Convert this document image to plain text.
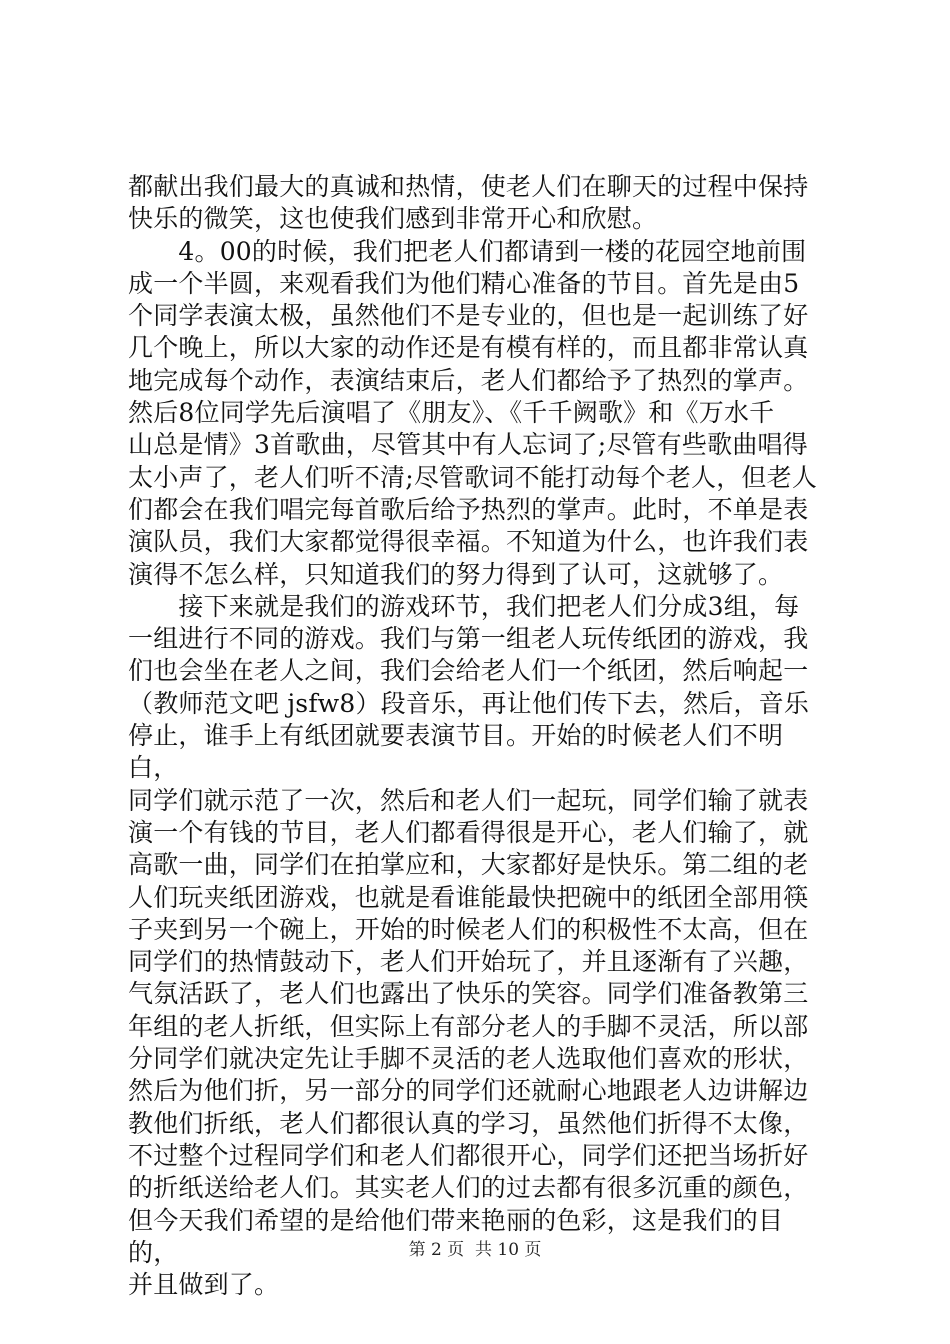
都献出我们最大的真诚和热情，使老人们在聊天的过程中保持
快乐的微笑，这也使我们感到非常开心和欣慰。

　　4。00的时候，我们把老人们都请到一楼的花园空地前围
成一个半圆，来观看我们为他们精心准备的节目。首先是由5
个同学表演太极，虽然他们不是专业的，但也是一起训练了好
几个晚上，所以大家的动作还是有模有样的，而且都非常认真
地完成每个动作，表演结束后，老人们都给予了热烈的掌声。
然后8位同学先后演唱了《朋友》、《千千阙歌》和《万水千
山总是情》3首歌曲，尽管其中有人忘词了;尽管有些歌曲唱得
太小声了，老人们听不清;尽管歌词不能打动每个老人，但老人
们都会在我们唱完每首歌后给予热烈的掌声。此时，不单是表
演队员，我们大家都觉得很幸福。不知道为什么，也许我们表
演得不怎么样，只知道我们的努力得到了认可，这就够了。

　　接下来就是我们的游戏环节，我们把老人们分成3组，每
一组进行不同的游戏。我们与第一组老人玩传纸团的游戏，我
们也会坐在老人之间，我们会给老人们一个纸团，然后响起一
（教师范文吧 jsfw8）段音乐，再让他们传下去，然后，音乐
停止，谁手上有纸团就要表演节目。开始的时候老人们不明白，
同学们就示范了一次，然后和老人们一起玩，同学们输了就表
演一个有钱的节目，老人们都看得很是开心，老人们输了，就
高歌一曲，同学们在拍掌应和，大家都好是快乐。第二组的老
人们玩夹纸团游戏，也就是看谁能最快把碗中的纸团全部用筷
子夹到另一个碗上，开始的时候老人们的积极性不太高，但在
同学们的热情鼓动下，老人们开始玩了，并且逐渐有了兴趣，
气氛活跃了，老人们也露出了快乐的笑容。同学们准备教第三
年组的老人折纸，但实际上有部分老人的手脚不灵活，所以部
分同学们就决定先让手脚不灵活的老人选取他们喜欢的形状，
然后为他们折，另一部分的同学们还就耐心地跟老人边讲解边
教他们折纸，老人们都很认真的学习，虽然他们折得不太像，
不过整个过程同学们和老人们都很开心，同学们还把当场折好
的折纸送给老人们。其实老人们的过去都有很多沉重的颜色，
但今天我们希望的是给他们带来艳丽的色彩，这是我们的目的，
并且做到了。

第 2 页  共 10 页
